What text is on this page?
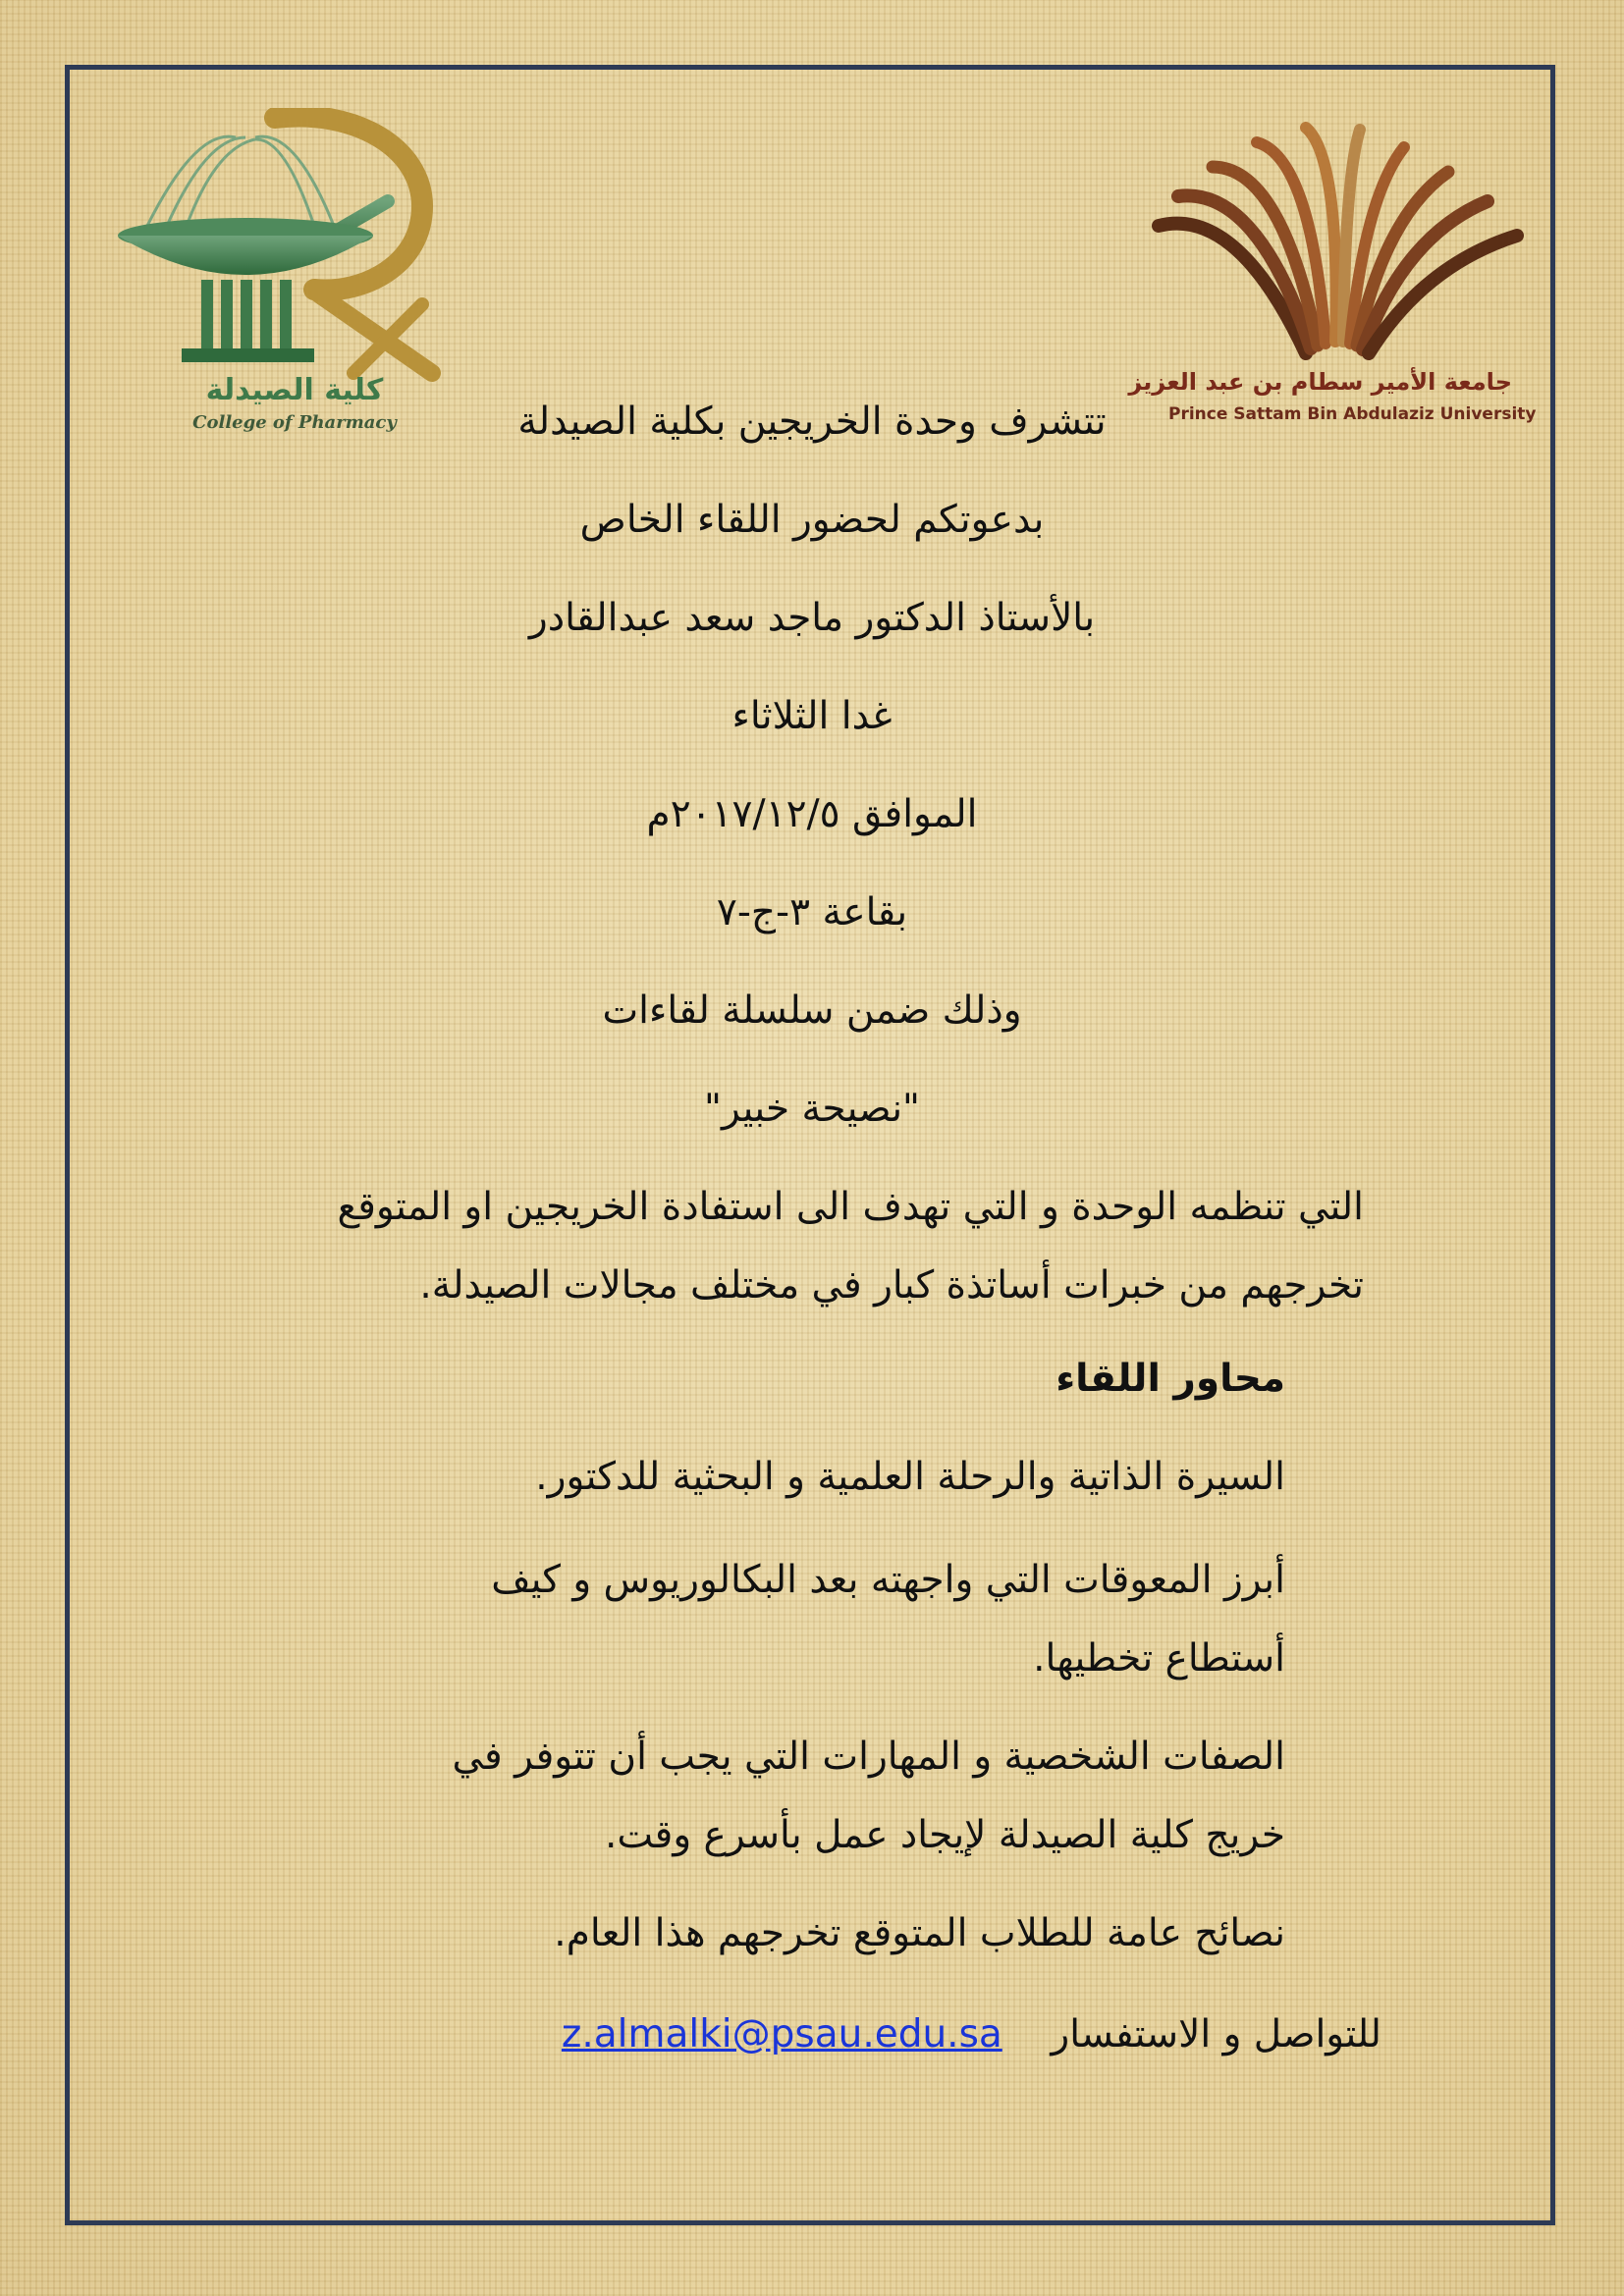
كلية الصيدلة
College of Pharmacy
جامعة الأمير سطام بن عبد العزيز
Prince Sattam Bin Abdulaziz University

تتشرف وحدة الخريجين بكلية الصيدلة

بدعوتكم لحضور اللقاء الخاص

بالأستاذ الدكتور ماجد سعد عبدالقادر

غدا الثلاثاء

الموافق ٢٠١٧/١٢/٥م

بقاعة ٣-ج-٧

وذلك ضمن سلسلة لقاءات

"نصيحة خبير"

التي تنظمه الوحدة و التي تهدف الى استفادة الخريجين او المتوقع

تخرجهم من خبرات أساتذة كبار في مختلف مجالات الصيدلة.

محاور اللقاء

السيرة الذاتية والرحلة العلمية و البحثية للدكتور.

أبرز المعوقات التي واجهته بعد البكالوريوس و كيف

أستطاع تخطيها.

الصفات الشخصية و المهارات التي يجب أن تتوفر في

خريج كلية الصيدلة لإيجاد عمل بأسرع وقت.

نصائح عامة للطلاب المتوقع تخرجهم هذا العام.

للتواصل و الاستفسار    z.almalki@psau.edu.sa
